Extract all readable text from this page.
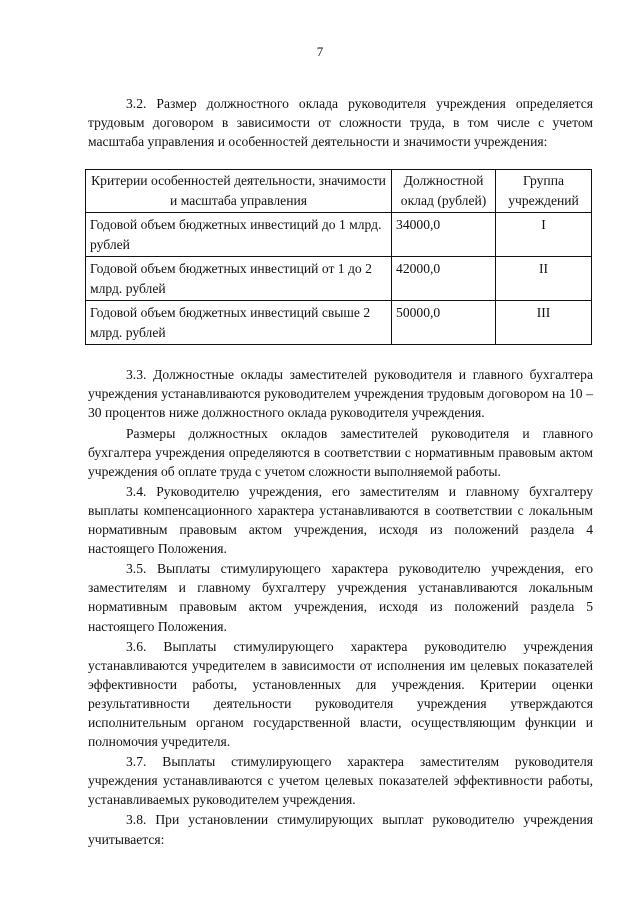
7

3.2. Размер должностного оклада руководителя учреждения определяется трудовым договором в зависимости от сложности труда, в том числе с учетом масштаба управления и особенностей деятельности и значимости учреждения:

Критерии особенностей деятельности, значимости и масштаба управления	Должностной оклад (рублей)	Группа учреждений
Годовой объем бюджетных инвестиций до 1 млрд. рублей	34000,0	I
Годовой объем бюджетных инвестиций от 1 до 2 млрд. рублей	42000,0	II
Годовой объем бюджетных инвестиций свыше 2 млрд. рублей	50000,0	III

3.3. Должностные оклады заместителей руководителя и главного бухгалтера учреждения устанавливаются руководителем учреждения трудовым договором на 10 – 30 процентов ниже должностного оклада руководителя учреждения.

Размеры должностных окладов заместителей руководителя и главного бухгалтера учреждения определяются в соответствии с нормативным правовым актом учреждения об оплате труда с учетом сложности выполняемой работы.

3.4. Руководителю учреждения, его заместителям и главному бухгалтеру выплаты компенсационного характера устанавливаются в соответствии с локальным нормативным правовым актом учреждения, исходя из положений раздела 4 настоящего Положения.

3.5. Выплаты стимулирующего характера руководителю учреждения, его заместителям и главному бухгалтеру учреждения устанавливаются локальным нормативным правовым актом учреждения, исходя из положений раздела 5 настоящего Положения.

3.6. Выплаты стимулирующего характера руководителю учреждения устанавливаются учредителем в зависимости от исполнения им целевых показателей эффективности работы, установленных для учреждения. Критерии оценки результативности деятельности руководителя учреждения утверждаются исполнительным органом государственной власти, осуществляющим функции и полномочия учредителя.

3.7. Выплаты стимулирующего характера заместителям руководителя учреждения устанавливаются с учетом целевых показателей эффективности работы, устанавливаемых руководителем учреждения.

3.8. При установлении стимулирующих выплат руководителю учреждения учитывается:
